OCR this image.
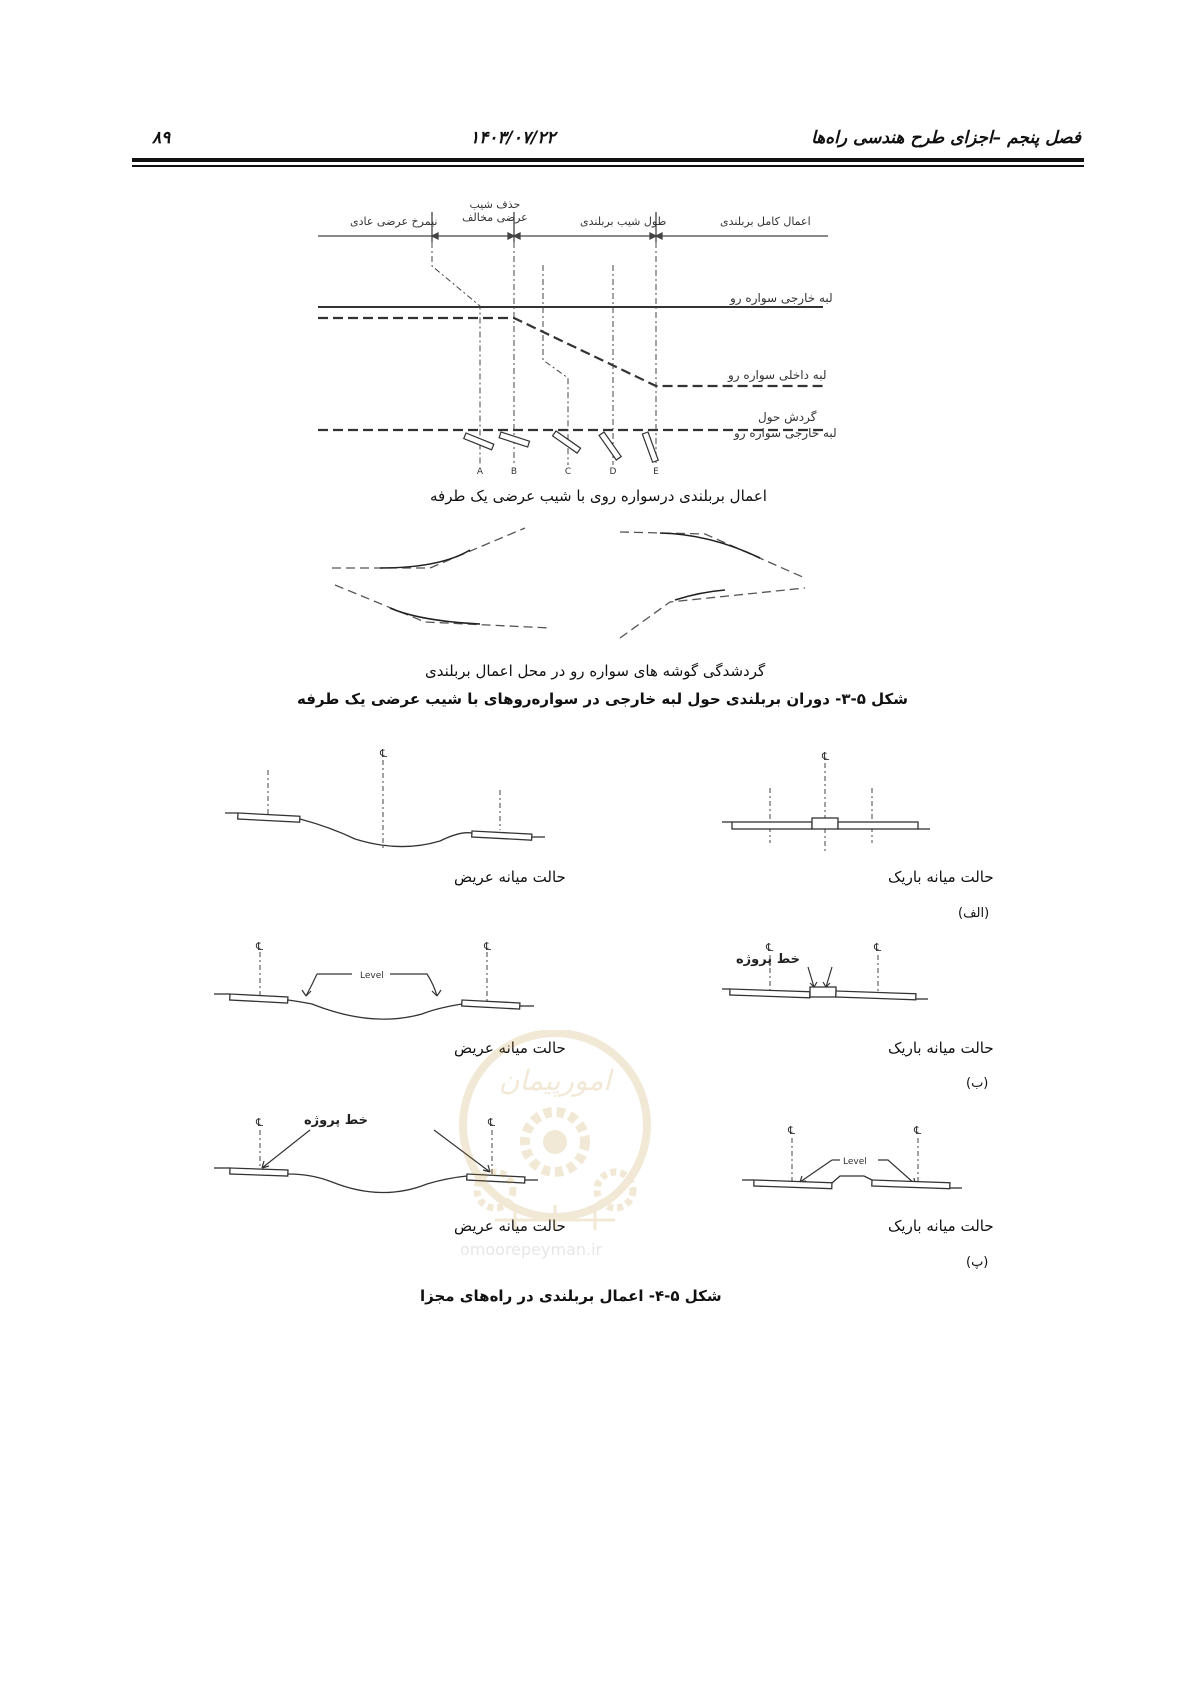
۸۹	۱۴۰۳/۰۷/۲۲	فصل پنجم –اجزای طرح هندسی راه‌ها
A	B	C	D	E
اعمال کامل بربلندی
طول شیب بربلندی
حذف شیب
عرضی مخالف
نیمرخ عرضی عادی
لبه خارجی سواره رو
لبه داخلی سواره رو
گردش حول
لبه خارجی سواره رو
اعمال بربلندی درسواره روی با شیب عرضی یک طرفه
گردشدگی گوشه های سواره رو در محل اعمال بربلندی
شکل ۵-۳- دوران بربلندی حول لبه خارجی در سواره‌روهای با شیب عرضی یک طرفه
℄	℄
حالت میانه عریض	حالت میانه باریک
(الف)
℄	℄
Level
℄	℄
خط پروژه
حالت میانه عریض	حالت میانه باریک
(ب)
℄	℄
خط پروژه
℄	℄
Level
حالت میانه عریض	حالت میانه باریک
(پ)
شکل ۵-۴- اعمال بربلندی در راه‌های مجزا
امورپیمان
omoorepeyman.ir
